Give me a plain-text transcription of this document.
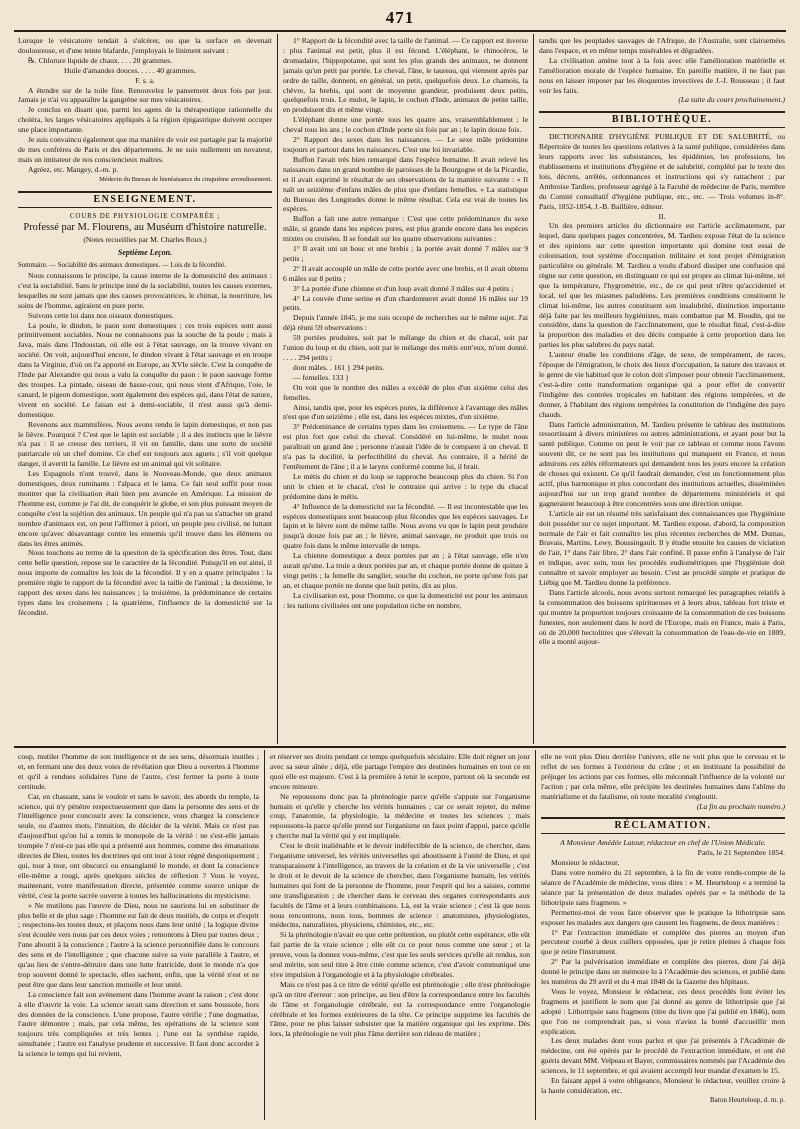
471

Lorsque le vésicatoire tendait à s'ulcérer, ou que la surface en devenait douloureuse, et d'une teinte blafarde, j'employais le liniment suivant :

℞. Chlorure liquide de chaux. . . . 20 grammes.

Huile d'amandes douces. . . . . 40 grammes.

F. s. a.

A étendre sur de la toile fine. Renouvelez le pansement deux fois par jour. Jamais je n'ai vu apparaître la gangrène sur mes vésicatoires.

Je conclus en disant que, parmi les agens de la thérapeutique rationnelle du choléra, les larges vésicatoires appliqués à la région épigastrique doivent occuper une place importante.

Je suis convaincu également que ma manière de voir est partagée par la majorité de mes confrères de Paris et des départemens. Je ne suis nullement un novateur, mais un imitateur de nos consciencieux maîtres.

Agréez, etc. Mangey, d.-m. p.

Médecin du Bureau de bienfaisance du cinquième arrondissement.

ENSEIGNEMENT.
COURS DE PHYSIOLOGIE COMPARÉE ;
Professé par M. Flourens, au Muséum d'histoire naturelle.
(Notes recueillies par M. Charles Roux.)
Septième Leçon.

Sommaire. — Sociabilité des animaux domestiques. — Lois de la fécondité.

Nous connaissons le principe, la cause interne de la domesticité des animaux : c'est la sociabilité. Sans le principe inné de la sociabilité, toutes les causes externes, lesquelles ne sont jamais que des causes provocatrices, le chimat, la nourriture, les soins de l'homme, agiraient en pure perte.

Suivons cette loi dans nos oiseaux domestiques.

La poule, le dindon, le paon sont domestiques ; ces trois espèces sont aussi primitivement sociables. Nous ne connaissons pas la souche de la poule ; mais à Java, mais dans l'Indoustan, où elle est à l'état sauvage, on la trouve vivant en société. On voit, aujourd'hui encore, le dindon vivant à l'état sauvage et en troupe dans la Virginie, d'où on l'a apporté en Europe, au XVIe siècle. C'est la conquête de l'Inde par Alexandre qui nous a valu la conquête du paon : le paon sauvage forme des troupes. La pintade, oiseau de basse-cour, qui nous vient d'Afrique, l'oie, le canard, le pigeon domestique, sont également des espèces qui, dans l'état de nature, vivent en société. Le faisan est à demi-sociable, il n'est aussi qu'à demi-domestique.

Revenons aux mammifères. Nous avons rendu le lapin domestique, et non pas le lièvre. Pourquoi ? C'est que le lapin est sociable ; il a des instincts que le lièvre n'a pas : il se creuse des terriers, il vit en famille, dans une sorte de société patriarcale où un chef domine. Ce chef est toujours aux aguets ; s'il voit quelque danger, il avertit la famille. Le lièvre est un animal qui vit solitaire.

Les Espagnols n'ont trouvé, dans le Nouveau-Monde, que deux animaux domestiques, deux ruminants : l'alpaca et le lama. Ce fait seul suffit pour nous montrer que la civilisation était bien peu avancée en Amérique. La mission de l'homme est, comme je l'ai dit, de conquérir le globe, et son plus puissant moyen de conquête c'est la sujétion des animaux. Un peuple qui n'a pas su s'attacher un grand nombre d'animaux est, on peut l'affirmer à priori, un peuple peu civilisé, ne luttant encore qu'avec désavantage contre les ennemis qu'il trouve dans les élémens ou dans les êtres animés.

Nous touchons au terme de la question de la spécification des êtres. Tout, dans cette belle question, repose sur le caractère de la fécondité. Puisqu'il en est ainsi, il nous importe de connaître les lois de la fécondité. Il y en a quatre principales : la première règle le rapport de la fécondité avec la taille de l'animal ; la deuxième, le rapport des sexes dans les naissances ; la troisième, la prédominance de certains types dans les croisemens ; la quatrième, l'influence de la domesticité sur la fécondité.

1° Rapport de la fécondité avec la taille de l'animal. — Ce rapport est inverse : plus l'animal est petit, plus il est fécond. L'éléphant, le rhinocéros, le dromadaire, l'hippopotame, qui sont les plus grands des animaux, ne donnent jamais qu'un petit par portée. Le cheval, l'âne, le taureau, qui viennent après par ordre de taille, donnent, en général, un petit, quelquefois deux. Le chamois, la chèvre, la brebis, qui sont de moyenne grandeur, produisent deux petits, quelquefois trois. Le mulot, le lapin, le cochon d'Inde, animaux de petite taille, en produisent dix et même vingt.

L'éléphant donne une portée tous les quatre ans, vraisemblablement ; le cheval tous les ans ; le cochon d'Inde porte six fois par an ; le lapin douze fois.

2° Rapport des sexes dans les naissances. — Le sexe mâle prédomine toujours et partout dans les naissances. C'est une loi invariable.

Buffon l'avait très bien remarqué dans l'espèce humaine. Il avait relevé les naissances dans un grand nombre de paroisses de la Bourgogne et de la Picardie, et il avait exprimé le résultat de ses observations de la manière suivante : « Il naît un seizième d'enfans mâles de plus que d'enfans femelles. » La statistique du Bureau des Longitudes donne le même résultat. Cela est vrai de toutes les espèces.

Buffon a fait une autre remarque : C'est que cette prédominance du sexe mâle, si grande dans les espèces pures, est plus grande encore dans les espèces mixtes ou croisées. Il se fondait sur les quatre observations suivantes :

1° Il avait uni un bouc et une brebis ; la portée avait donné 7 mâles sur 9 petits ;

2° Il avait accouplé un mâle de cette portée avec une brebis, et il avait obtenu 6 mâles sur 8 petits ;

3° La portée d'une chienne et d'un loup avait donné 3 mâles sur 4 petits ;

4° La couvée d'une serine et d'un chardonneret avait donné 16 mâles sur 19 petits.

Depuis l'année 1845, je me suis occupé de recherches sur le même sujet. J'ai déjà réuni 59 observations :

59 portées produites, soit par le mélange du chien et du chacal, soit par l'union du loup et du chien, soit par le mélange des métis entr'eux, m'ont donné. . . . . 294 petits ;

dont mâles. . 161 } 294 petits.

— femelles. 133 }

On voit que le nombre des mâles a excédé de plus d'un sixième celui des femelles.

Ainsi, tandis que, pour les espèces pures, la différence à l'avantage des mâles n'est que d'un seizième ; elle est, dans les espèces mixtes, d'un sixième.

3° Prédominance de certains types dans les croisemens. — Le type de l'âne est plus fort que celui du cheval. Considéré en lui-même, le mulet nous paraîtrait un grand âne ; personne n'aurait l'idée de le comparer à un cheval. Il n'a pas la docilité, la perfectibilité du cheval. Au contraire, il a hérité de l'entêtement de l'âne ; il a le larynx conformé comme lui, il brait.

Le métis du chien et du loup se rapproche beaucoup plus du chien. Si l'on unit le chien et le chacal, c'est le contraire qui arrive : le type du chacal prédomine dans le métis.

4° Influence de la domesticité sur la fécondité. — Il est incontestable que les espèces domestiques sont beaucoup plus fécondes que les espèces sauvages. Le lapin et le lièvre sont de même taille. Nous avons vu que le lapin peut produire jusqu'à douze fois par an ; le lièvre, animal sauvage, ne produit que trois ou quatre fois dans le même intervalle de temps.

La chienne domestique a deux portées par an ; à l'état sauvage, elle n'en aurait qu'une. La truie a deux portées par an, et chaque portée donne de quinze à vingt petits ; la femelle du sanglier, souche du cochon, ne porte qu'une fois par an, et chaque portée ne donne que huit petits, dix au plus.

La civilisation est, pour l'homme, ce que la domesticité est pour les animaux : les nations civilisées ont une population riche en nombre,

tandis que les peuplades sauvages de l'Afrique, de l'Australie, sont clairsemées dans l'espace, et en même temps misérables et dégradées.

La civilisation amène tout à la fois avec elle l'amélioration matérielle et l'amélioration morale de l'espèce humaine. En pareille matière, il ne faut pas nous en laisser imposer par les éloquentes invectives de J.-J. Rousseau ; il faut voir les faits.

(La suite du cours prochainement.)

BIBLIOTHÈQUE.

DICTIONNAIRE D'HYGIÈNE PUBLIQUE ET DE SALUBRITÉ, ou Répertoire de toutes les questions relatives à la santé publique, considérées dans leurs rapports avec les subsistances, les épidémies, les professions, les établissemens et institutions d'hygiène et de salubrité, complété par le texte des lois, décrets, arrêtés, ordonnances et instructions qui s'y rattachent ; par Ambroise Tardieu, professeur agrégé à la Faculté de médecine de Paris, membre du Comité consultatif d'hygiène publique, etc., etc. — Trois volumes in-8°. Paris, 1852-1854, J.-B. Baillière, éditeur.

II.

Un des premiers articles du dictionnaire est l'article acclimatement, par lequel, dans quelques pages concentrées, M. Tardieu expose l'état de la science et des opinions sur cette question importante qui domine tout essai de colonisation, tout système d'occupation militaire et tout projet d'émigration particulière ou générale. M. Tardieu a voulu d'abord dissiper une confusion qui règne sur cette question, en distinguant ce qui est propre au climat lui-même, tel que la température, l'hygrométrie, etc., de ce qui peut n'être qu'accidentel et local, tel que les miasmes paludéens. Les premières conditions constituent le climat lui-même, les autres constituent son insalubrité, distinction importante déjà faite par les meilleurs hygiénistes, mais combattue par M. Boudin, qui ne considère, dans la question de l'acclimatement, que le résultat final, c'est-à-dire la proportion des maladies et des décès comparée à cette proportion dans les parties les plus salubres du pays natal.

L'auteur étudie les conditions d'âge, de sexe, de tempérament, de races, l'époque de l'émigration, le choix des lieux d'occupation, la nature des travaux et le genre de vie habituel que le colon doit s'imposer pour obtenir l'acclimatement, c'est-à-dire cette transformation organique qui a pour effet de convertir l'indigène des contrées tropicales en habitant des régions tempérées, et de donner, à l'habitant des régions tempérées la constitution de l'indigène des pays chauds.

Dans l'article administration, M. Tardieu présente le tableau des institutions ressortissant à divers ministères ou autres administrations, et ayant pour but la santé publique. Comme on peut le voir par ce tableau et comme nous l'avons souvent dit, ce ne sont pas les institutions qui manquent en France, et nous admirons ces zélés réformateurs qui demandent tous les jours encore la création de choses qui existent. Ce qu'il faudrait demander, c'est un fonctionnement plus actif, plus harmonique et plus concordant des institutions actuelles, disséminées aujourd'hui sur un trop grand nombre de départemens ministériels et qui gagneraient beaucoup à être concentrées sous une direction unique.

L'article air est un résumé très satisfaisant des connaissances que l'hygiéniste doit posséder sur ce sujet important. M. Tardieu expose, d'abord, la composition normale de l'air et fait connaître les plus récentes recherches de MM. Dumas, Bravais, Martins, Lewy, Boussingault. Il y étudie ensuite les causes de viciation de l'air, 1° dans l'air libre, 2° dans l'air confiné. Il passe enfin à l'analyse de l'air et indique, avec soin, tous les procédés eudiométriques que l'hygiéniste doit connaître et savoir employer au besoin. C'est au procédé simple et pratique de Liébig que M. Tardieu donne la préférence.

Dans l'article alcools, nous avons surtout remarqué les paragraphes relatifs à la consommation des boissons spiritueuses et à leurs abus, tableau fort triste et qui montre la proportion toujours croissante de la consommation de ces boissons funestes, non seulement dans le nord de l'Europe, mais en France, mais à Paris, où de 20,000 hectolitres que s'élevait la consommation de l'eau-de-vie en 1809, elle a monté aujour-

coup, mutiler l'homme de son intelligence et de ses sens, désormais inutiles ; et, en fermant une des deux voies de révélation que Dieu a ouvertes à l'homme et qu'il a rendues solidaires l'une de l'autre, c'est fermer la porte à toute certitude.

Car, en chassant, sans le vouloir et sans le savoir, des abords du temple, la science, qui n'y pénètre respectueusement que dans la personne des sens et de l'intelligence pour concourir avec la conscience, vous chargez la conscience seule, ou d'autres mots, l'intuition, de décider de la vérité. Mais ce n'est pas d'aujourd'hui qu'on lui a remis le monopole de la vérité : ne s'est-elle jamais trompée ? n'est-ce pas elle qui a présenté aux hommes, comme des émanations directes de Dieu, toutes les doctrines qui ont tour à tour régné despotiquement ; qui, tour à tour, ont obscurci ou ensanglanté le monde, et dont la conscience elle-même a rougi, après quelques siècles de réflexion ? Vous le voyez, maintenant, votre manifestation directe, présentée comme source unique de vérité, c'est la porte sacrée ouverte à toutes les hallucinations du mysticisme.

« Ne mutilons pas l'œuvre de Dieu, nous ne saurions lui en substituer de plus belle et de plus sage : l'homme est fait de deux moitiés, de corps et d'esprit ; respectons-les toutes deux, et plaçons nous dans leur unité ; la logique divine s'est écoulée vers nous par ces deux voies ; remontons à Dieu par toutes deux ; l'une aboutit à la conscience ; l'autre à la science personnifiée dans le concours des sens et de l'intelligence ; que chacune suive sa voie parallèle à l'autre, et qu'au lieu de s'entre-détruire dans une lutte fratricide, dont le monde n'a que trop souvent donné le spectacle, elles sachent, enfin, que la vérité n'est et ne peut être que dans leur sanction mutuelle et leur unité.

La conscience fait son avènement dans l'homme avant la raison ; c'est donc à elle d'ouvrir la voie. La science serait sans direction et sans boussole, hors des données de la conscience. L'une propose, l'autre vérifie ; l'une dogmatise, l'autre démontre ; mais, par cela même, les opérations de la science sont toujours très compliquées et très lentes ; l'une est la synthèse rapide, simultanée ; l'autre est l'analyse prudente et successive. Il faut donc accorder à la science le temps qui lui revient,

et réserver ses droits pendant ce temps quelquefois séculaire. Elle doit régner un jour avec sa sœur aînée ; déjà, elle partage l'empire des destinées humaines en tout ce en quoi elle est majeure. C'est à la première à tenir le sceptre, partout où la seconde est encore mineure.

Ne repoussons donc pas la phrénologie parce qu'elle s'appuie sur l'organisme humain et qu'elle y cherche les vérités humaines ; car ce serait rejeter, du même coup, l'anatomie, la physiologie, la médecine et toutes les sciences ; mais repoussons-la parce qu'elle prend sur l'organisme un faux point d'appui, parce qu'elle y cherche mal la vérité qui y est impliquée.

C'est le droit inaliénable et le devoir indéfectible de la science, de chercher, dans l'organisme universel, les vérités universelles qui aboutissent à l'unité de Dieu, et qui transparaissent à l'intelligence, au travers de la création et de la vie universelle ; c'est le droit et le devoir de la science de chercher, dans l'organisme humain, les vérités humaines qui font de la personne de l'homme, pour l'esprit qui les a saisies, comme une transfiguration ; de chercher dans le cerveau des organes correspondants aux facultés de l'âme et à leurs combinaisons. Là, est la vraie science ; c'est là que nous nous rencontrons, nous tous, hommes de science : anatomistes, physiologistes, médecins, naturalistes, physiciens, chimistes, etc., etc.

Si la phrénologie n'avait eu que cette prétention, ou plutôt cette espérance, elle eût fait partie de la vraie science ; elle eût cu ce pour nous comme une sœur ; et la preuve, vous la donnez vous-même, c'est que les seuls services qu'elle ait rendus, son seul mérite, son seul titre à être citée comme science, c'est d'avoir communiqué une vive impulsion à l'organologie et à la physiologie cérébrales.

Mais ce n'est pas à ce titre de vérité qu'elle est phrénologie ; elle n'est phrénologie qu'à un titre d'erreur : son principe, au lieu d'être la correspondance entre les facultés de l'âme et l'organologie cérébrale, est la correspondance entre l'organologie cérébrale et les formes extérieures de la tête. Ce principe supprime les facultés de l'âme, pour ne plus laisser subsister que la matière organique qui les exprime. Dès lors, la phrénologie ne voit plus l'âme derrière son rideau de matière ;

elle ne voit plus Dieu derrière l'univers, elle ne voit plus que le cerveau et le reflet de ses formes à l'extérieur du crâne ; et en instituant la possibilité de préjuger les actions par ces formes, elle méconnaît l'influence de la volonté sur l'action ; par cela même, elle précipite les destinées humaines dans l'abîme du matérialisme et du fatalisme, où toute moralité s'engloutit.

(La fin au prochain numéro.)

RÉCLAMATION.

A Monsieur Amédée Latour, rédacteur en chef de l'Union Médicale.

Paris, le 21 Septembre 1854.

Monsieur le rédacteur,

Dans votre numéro du 21 septembre, à la fin de votre rendu-compte de la séance de l'Académie de médecine, vous dites : « M. Heurteloup « a terminé la séance par la présentation de deux malades opérés par « la méthode de la lithotripsie sans fragmens. »

Permettez-moi de vous faire observer que le pratique la lithotripsie sans exposer les malades aux dangers que causent les fragmens, de deux manières :

1° Par l'extraction immédiate et complète des pierres au moyen d'un percuteur courbé à deux cuillers opposées, que je retire pleines à chaque fois que je retire l'instrument.

2° Par la pulvérisation immédiate et complète des pierres, dont j'ai déjà donné le principe dans un mémoire lu à l'Académie des sciences, et publié dans les numéros du 29 avril et du 4 mai 1848 de la Gazette des hôpitaux.

Vous le voyez, Monsieur le rédacteur, ces deux procédés font éviter les fragmens et justifient le nom que j'ai donné au genre de lithotripsie que j'ai adopté : Lithotripsie sans fragmens (titre du livre que j'ai publié en 1846), nom que l'on ne comprendrait pas, si vous n'aviez la bonté d'accueillir mon explication.

Les deux malades dont vous parlez et que j'ai présentés à l'Académie de médecine, ont été opérés par le procédé de l'extraction immédiate, et ont été guéris devant MM. Velpeau et Bayer, commissaires nommés par l'Académie des sciences, le 11 septembre, et qui avaient accompli leur mandat d'examen le 15.

En faisant appel à votre obligeance, Monsieur le rédacteur, veuillez croire à la haute considération, etc.

Baron Heurteloup, d. m. p.
